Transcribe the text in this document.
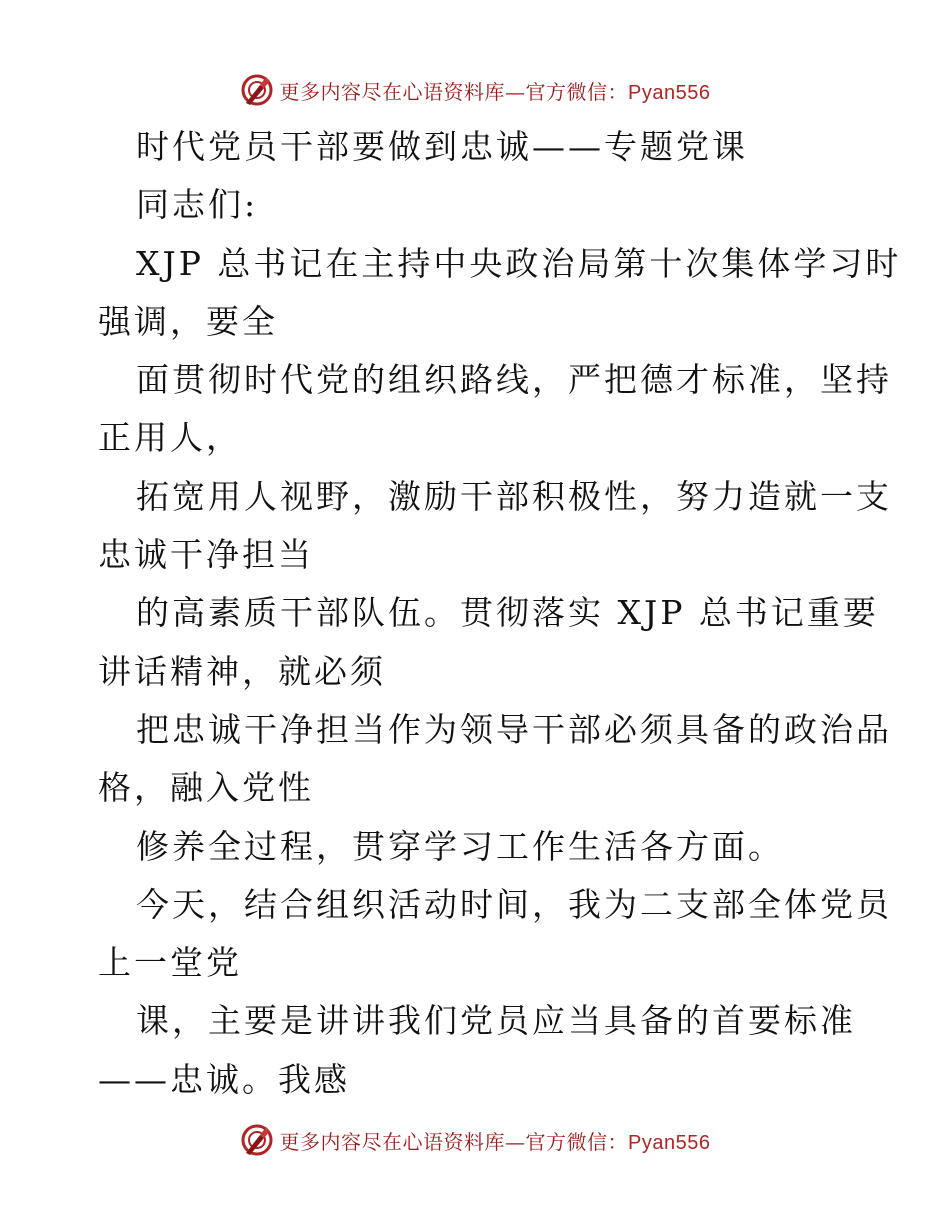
更多内容尽在心语资料库—官方微信：Pyan556
时代党员干部要做到忠诚——专题党课
同志们:
XJP 总书记在主持中央政治局第十次集体学习时
强调，要全
面贯彻时代党的组织路线，严把德才标准，坚持
正用人，
拓宽用人视野，激励干部积极性，努力造就一支
忠诚干净担当
的高素质干部队伍。贯彻落实 XJP 总书记重要
讲话精神，就必须
把忠诚干净担当作为领导干部必须具备的政治品
格，融入党性
修养全过程，贯穿学习工作生活各方面。
今天，结合组织活动时间，我为二支部全体党员
上一堂党
课，主要是讲讲我们党员应当具备的首要标准
——忠诚。我感
更多内容尽在心语资料库—官方微信：Pyan556
